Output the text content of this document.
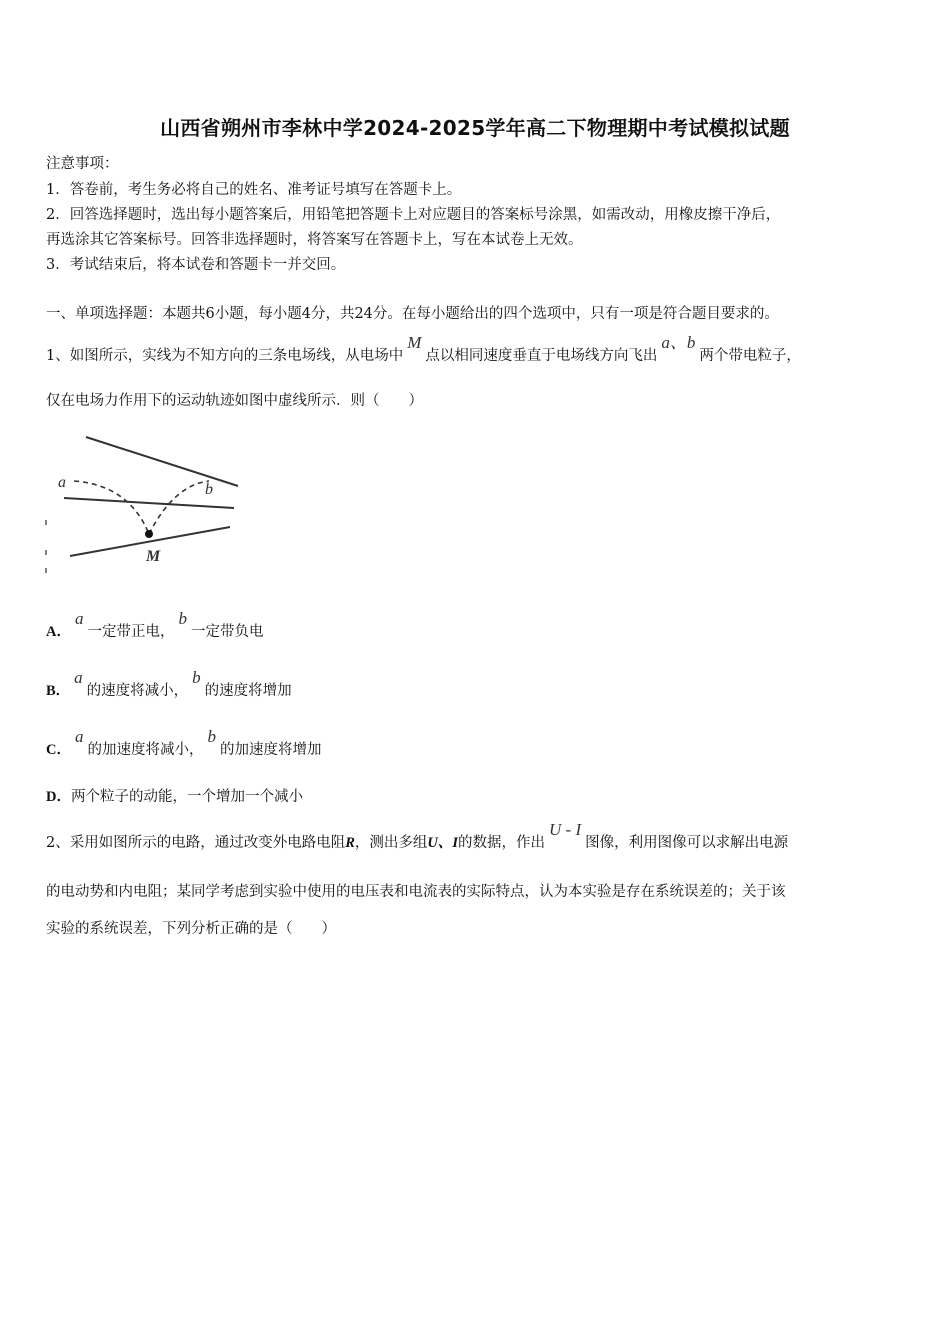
山西省朔州市李林中学2024-2025学年高二下物理期中考试模拟试题
注意事项：
1．答卷前，考生务必将自己的姓名、准考证号填写在答题卡上。
2．回答选择题时，选出每小题答案后，用铅笔把答题卡上对应题目的答案标号涂黑，如需改动，用橡皮擦干净后，
再选涂其它答案标号。回答非选择题时，将答案写在答题卡上，写在本试卷上无效。
3．考试结束后，将本试卷和答题卡一并交回。
一、单项选择题：本题共6小题，每小题4分，共24分。在每小题给出的四个选项中，只有一项是符合题目要求的。
1、如图所示，实线为不知方向的三条电场线，从电场中M点以相同速度垂直于电场线方向飞出a、b两个带电粒子，
仅在电场力作用下的运动轨迹如图中虚线所示．则（　　）
a	b
M
A．a一定带正电，b一定带负电
B．a的速度将减小，b的速度将增加
C．a的加速度将减小，b的加速度将增加
D．两个粒子的动能，一个增加一个减小
2、采用如图所示的电路，通过改变外电路电阻R，测出多组U、I的数据，作出U - I图像，利用图像可以求解出电源
的电动势和内电阻；某同学考虑到实验中使用的电压表和电流表的实际特点，认为本实验是存在系统误差的；关于该
实验的系统误差，下列分析正确的是（　　）
